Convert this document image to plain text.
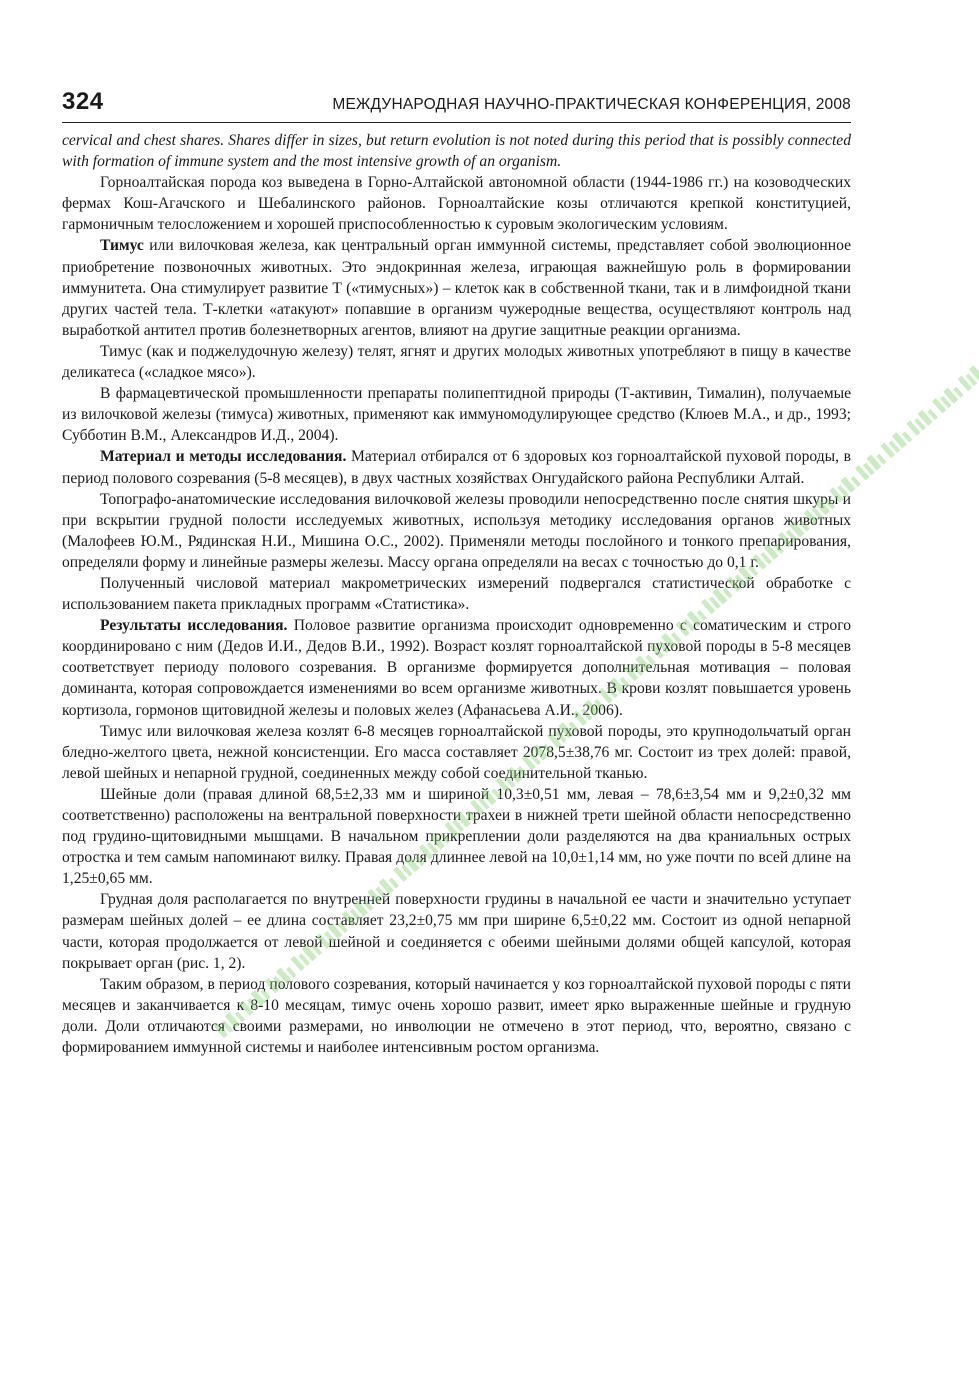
324	МЕЖДУНАРОДНАЯ НАУЧНО-ПРАКТИЧЕСКАЯ КОНФЕРЕНЦИЯ, 2008

cervical and chest shares. Shares differ in sizes, but return evolution is not noted during this period that is possibly connected with formation of immune system and the most intensive growth of an organism.

Горноалтайская порода коз выведена в Горно-Алтайской автономной области (1944-1986 гг.) на козоводческих фермах Кош-Агачского и Шебалинского районов. Горноалтайские козы отличаются крепкой конституцией, гармоничным телосложением и хорошей приспособленностью к суровым экологическим условиям.

Тимус или вилочковая железа, как центральный орган иммунной системы, представляет собой эволюционное приобретение позвоночных животных. Это эндокринная железа, играющая важнейшую роль в формировании иммунитета. Она стимулирует развитие Т («тимусных») – клеток как в собственной ткани, так и в лимфоидной ткани других частей тела. Т-клетки «атакуют» попавшие в организм чужеродные вещества, осуществляют контроль над выработкой антител против болезнетворных агентов, влияют на другие защитные реакции организма.

Тимус (как и поджелудочную железу) телят, ягнят и других молодых животных употребляют в пищу в качестве деликатеса («сладкое мясо»).

В фармацевтической промышленности препараты полипептидной природы (Т-активин, Тималин), получаемые из вилочковой железы (тимуса) животных, применяют как иммуномодулирующее средство (Клюев М.А., и др., 1993; Субботин В.М., Александров И.Д., 2004).

Материал и методы исследования. Материал отбирался от 6 здоровых коз горноалтайской пуховой породы, в период полового созревания (5-8 месяцев), в двух частных хозяйствах Онгудайского района Республики Алтай.

Топографо-анатомические исследования вилочковой железы проводили непосредственно после снятия шкуры и при вскрытии грудной полости исследуемых животных, используя методику исследования органов животных (Малофеев Ю.М., Рядинская Н.И., Мишина О.С., 2002). Применяли методы послойного и тонкого препарирования, определяли форму и линейные размеры железы. Массу органа определяли на весах с точностью до 0,1 г.

Полученный числовой материал макрометрических измерений подвергался статистической обработке с использованием пакета прикладных программ «Статистика».

Результаты исследования. Половое развитие организма происходит одновременно с соматическим и строго координировано с ним (Дедов И.И., Дедов В.И., 1992). Возраст козлят горноалтайской пуховой породы в 5-8 месяцев соответствует периоду полового созревания. В организме формируется дополнительная мотивация – половая доминанта, которая сопровождается изменениями во всем организме животных. В крови козлят повышается уровень кортизола, гормонов щитовидной железы и половых желез (Афанасьева А.И., 2006).

Тимус или вилочковая железа козлят 6-8 месяцев горноалтайской пуховой породы, это крупнодольчатый орган бледно-желтого цвета, нежной консистенции. Его масса составляет 2078,5±38,76 мг. Состоит из трех долей: правой, левой шейных и непарной грудной, соединенных между собой соединительной тканью.

Шейные доли (правая длиной 68,5±2,33 мм и шириной 10,3±0,51 мм, левая – 78,6±3,54 мм и 9,2±0,32 мм соответственно) расположены на вентральной поверхности трахеи в нижней трети шейной области непосредственно под грудино-щитовидными мышцами. В начальном прикреплении доли разделяются на два краниальных острых отростка и тем самым напоминают вилку. Правая доля длиннее левой на 10,0±1,14 мм, но уже почти по всей длине на 1,25±0,65 мм.

Грудная доля располагается по внутренней поверхности грудины в начальной ее части и значительно уступает размерам шейных долей – ее длина составляет 23,2±0,75 мм при ширине 6,5±0,22 мм. Состоит из одной непарной части, которая продолжается от левой шейной и соединяется с обеими шейными долями общей капсулой, которая покрывает орган (рис. 1, 2).

Таким образом, в период полового созревания, который начинается у коз горноалтайской пуховой породы с пяти месяцев и заканчивается к 8-10 месяцам, тимус очень хорошо развит, имеет ярко выраженные шейные и грудную доли. Доли отличаются своими размерами, но инволюции не отмечено в этот период, что, вероятно, связано с формированием иммунной системы и наиболее интенсивным ростом организма.
